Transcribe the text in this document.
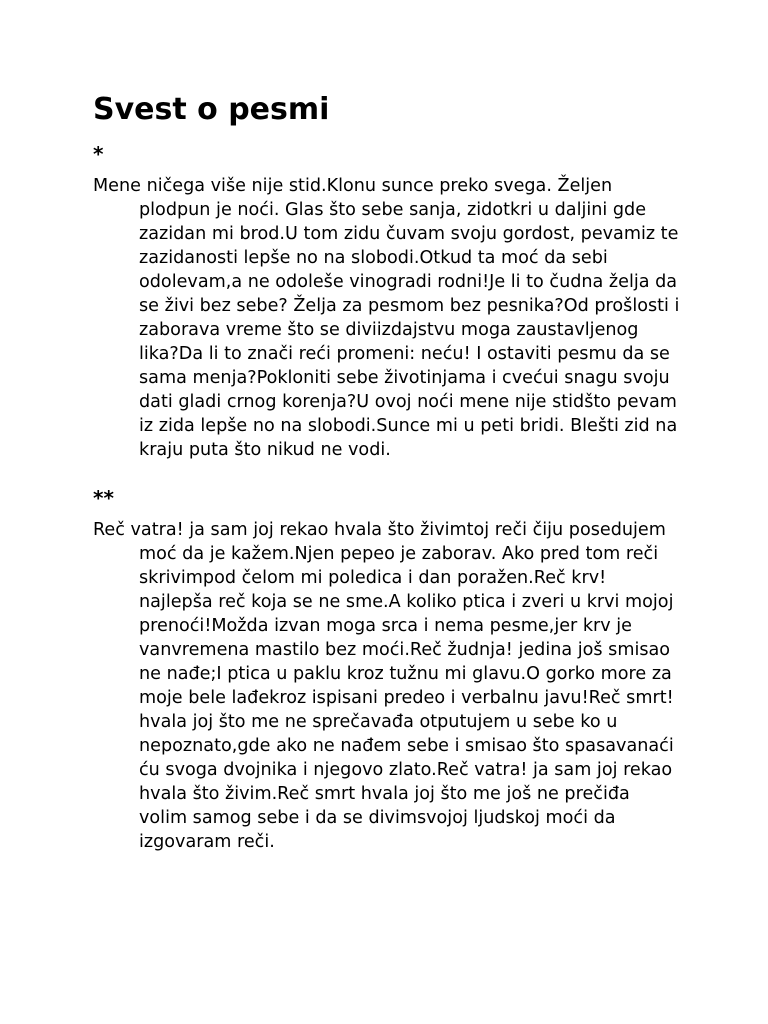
Svest o pesmi
*

Mene ničega više nije stid.Klonu sunce preko svega. Željen plodpun je noći. Glas što sebe sanja, zidotkri u daljini gde zazidan mi brod.U tom zidu čuvam svoju gordost, pevamiz te zazidanosti lepše no na slobodi.Otkud ta moć da sebi odolevam,a ne odoleše vinogradi rodni!Je li to čudna želja da se živi bez sebe? Želja za pesmom bez pesnika?Od prošlosti i zaborava vreme što se diviizdajstvu moga zaustavljenog lika?Da li to znači reći promeni: neću! I ostaviti pesmu da se sama menja?Pokloniti sebe životinjama i cvećui snagu svoju dati gladi crnog korenja?U ovoj noći mene nije stidšto pevam iz zida lepše no na slobodi.Sunce mi u peti bridi. Blešti zid na kraju puta što nikud ne vodi.

**

Reč vatra! ja sam joj rekao hvala što živimtoj reči čiju posedujem moć da je kažem.Njen pepeo je zaborav. Ako pred tom reči skrivimpod čelom mi poledica i dan poražen.Reč krv! najlepša reč koja se ne sme.A koliko ptica i zveri u krvi mojoj prenoći!Možda izvan moga srca i nema pesme,jer krv je vanvremena mastilo bez moći.Reč žudnja! jedina još smisao ne nađe;I ptica u paklu kroz tužnu mi glavu.O gorko more za moje bele lađekroz ispisani predeo i verbalnu javu!Reč smrt! hvala joj što me ne sprečavađa otputujem u sebe ko u nepoznato,gde ako ne nađem sebe i smisao što spasavanaći ću svoga dvojnika i njegovo zlato.Reč vatra! ja sam joj rekao hvala što živim.Reč smrt hvala joj što me još ne prečiđa volim samog sebe i da se divimsvojoj ljudskoj moći da izgovaram reči.
